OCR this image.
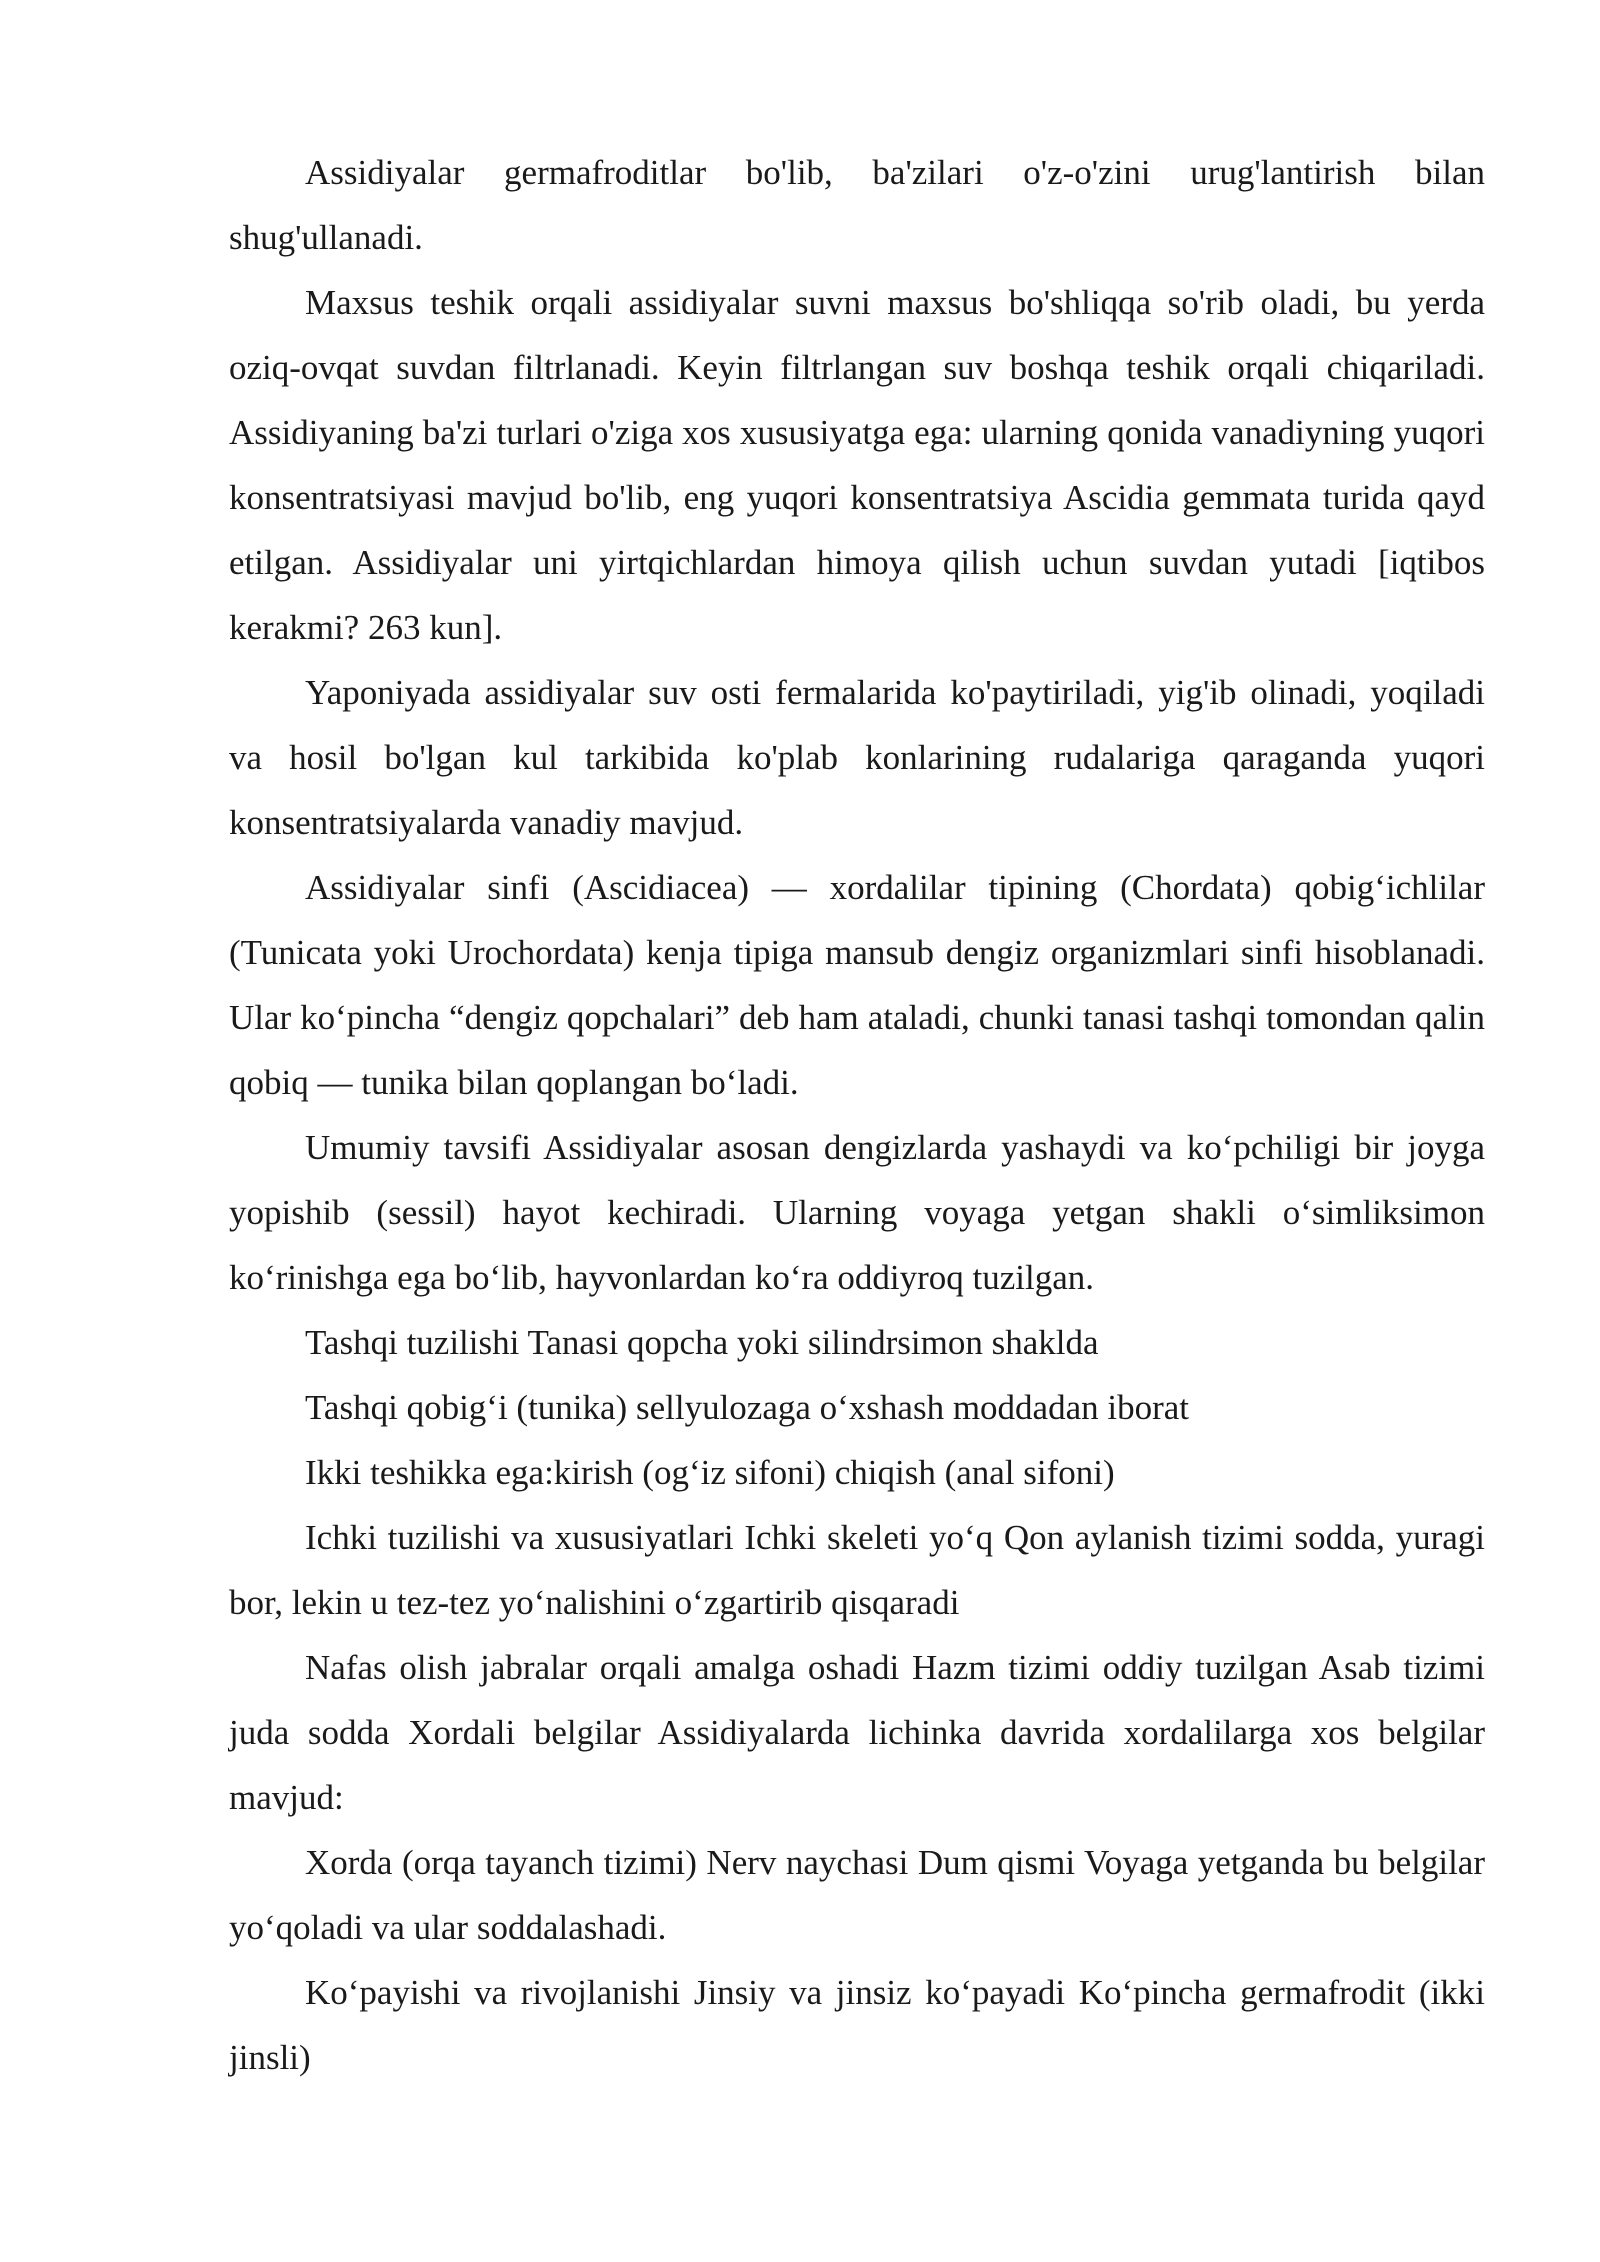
Assidiyalar germafroditlar bo'lib, ba'zilari o'z-o'zini urug'lantirish bilan shug'ullanadi.

Maxsus teshik orqali assidiyalar suvni maxsus bo'shliqqa so'rib oladi, bu yerda oziq-ovqat suvdan filtrlanadi. Keyin filtrlangan suv boshqa teshik orqali chiqariladi. Assidiyaning ba'zi turlari o'ziga xos xususiyatga ega: ularning qonida vanadiyning yuqori konsentratsiyasi mavjud bo'lib, eng yuqori konsentratsiya Ascidia gemmata turida qayd etilgan. Assidiyalar uni yirtqichlardan himoya qilish uchun suvdan yutadi [iqtibos kerakmi? 263 kun].

Yaponiyada assidiyalar suv osti fermalarida ko'paytiriladi, yig'ib olinadi, yoqiladi va hosil bo'lgan kul tarkibida ko'plab konlarining rudalariga qaraganda yuqori konsentratsiyalarda vanadiy mavjud.

Assidiyalar sinfi (Ascidiacea) — xordalilar tipining (Chordata) qobig‘ichlilar (Tunicata yoki Urochordata) kenja tipiga mansub dengiz organizmlari sinfi hisoblanadi. Ular ko‘pincha “dengiz qopchalari” deb ham ataladi, chunki tanasi tashqi tomondan qalin qobiq — tunika bilan qoplangan bo‘ladi.

Umumiy tavsifi Assidiyalar asosan dengizlarda yashaydi va ko‘pchiligi bir joyga yopishib (sessil) hayot kechiradi. Ularning voyaga yetgan shakli o‘simliksimon ko‘rinishga ega bo‘lib, hayvonlardan ko‘ra oddiyroq tuzilgan.

Tashqi tuzilishi Tanasi qopcha yoki silindrsimon shaklda

Tashqi qobig‘i (tunika) sellyulozaga o‘xshash moddadan iborat

Ikki teshikka ega:kirish (og‘iz sifoni) chiqish (anal sifoni)

Ichki tuzilishi va xususiyatlari Ichki skeleti yo‘q Qon aylanish tizimi sodda, yuragi bor, lekin u tez-tez yo‘nalishini o‘zgartirib qisqaradi

Nafas olish jabralar orqali amalga oshadi Hazm tizimi oddiy tuzilgan Asab tizimi juda sodda Xordali belgilar Assidiyalarda lichinka davrida xordalilarga xos belgilar mavjud:

Xorda (orqa tayanch tizimi) Nerv naychasi Dum qismi Voyaga yetganda bu belgilar yo‘qoladi va ular soddalashadi.

Ko‘payishi va rivojlanishi Jinsiy va jinsiz ko‘payadi Ko‘pincha germafrodit (ikki jinsli)
